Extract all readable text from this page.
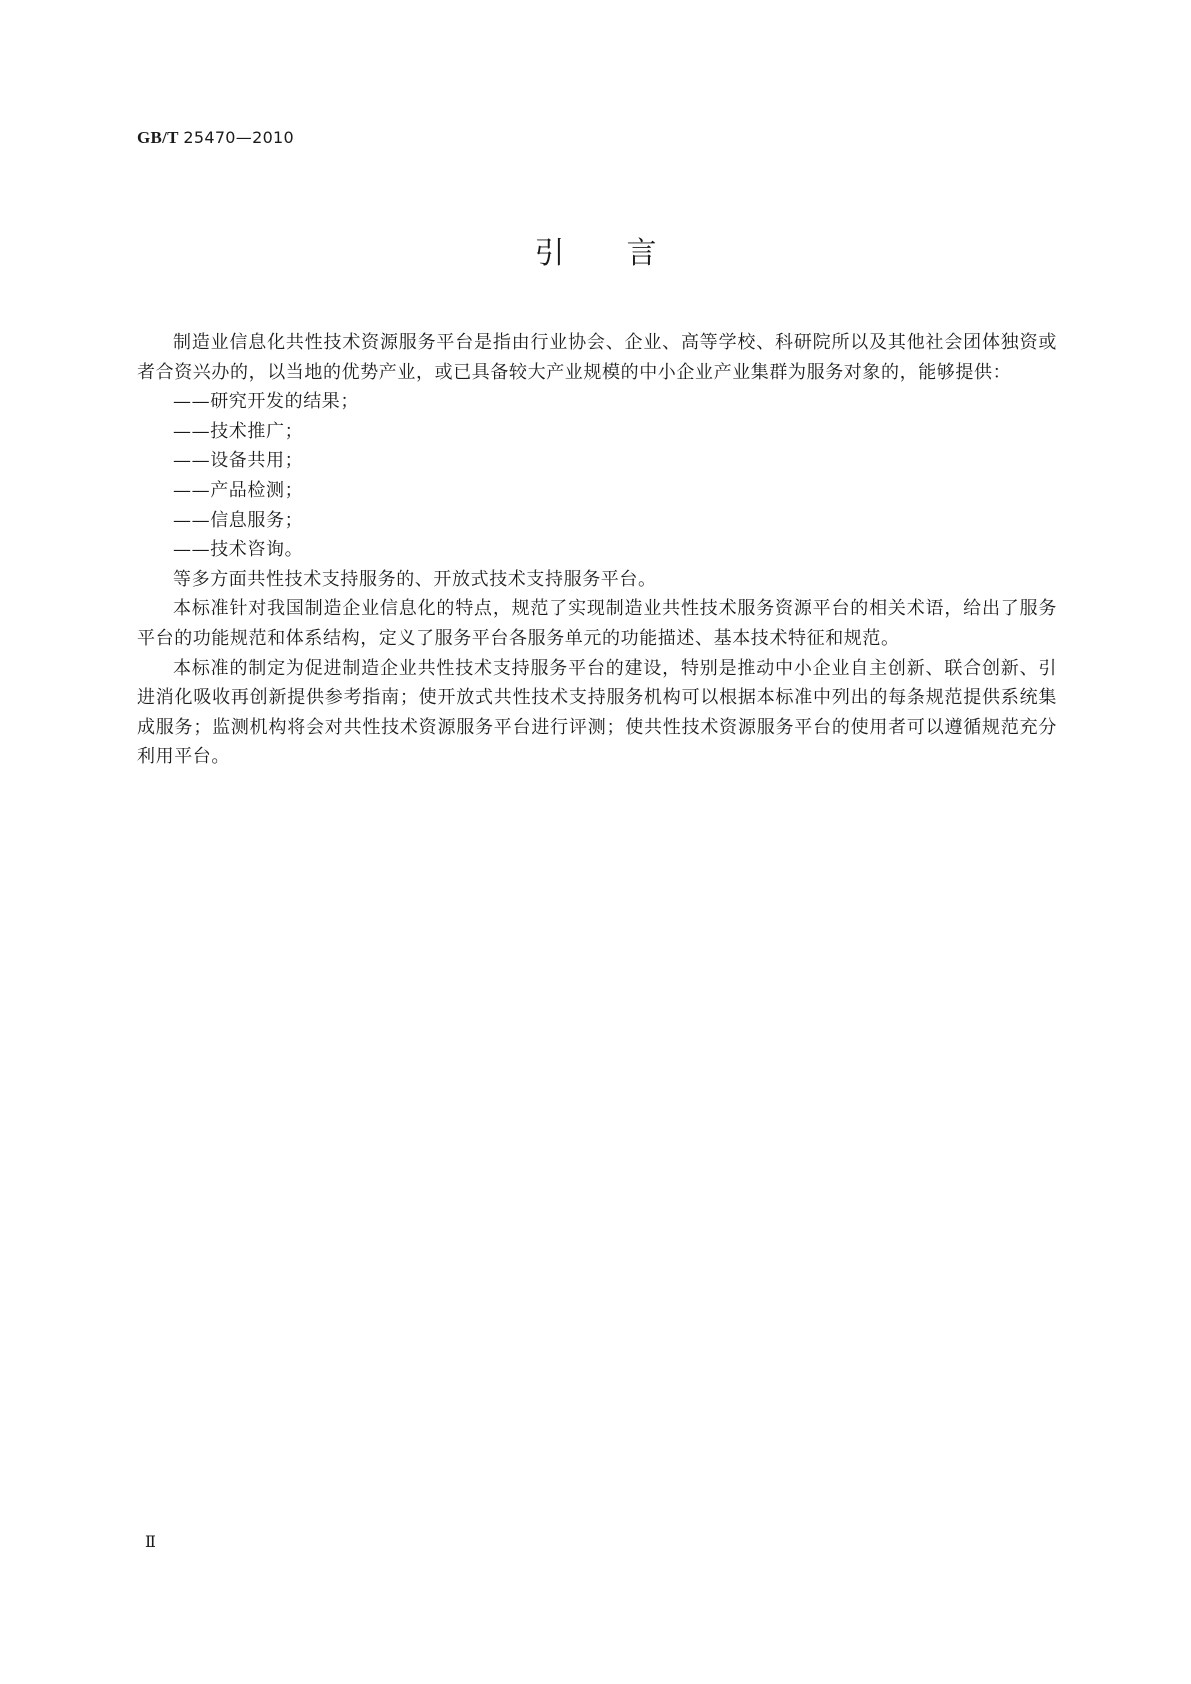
GB/T 25470—2010
引言

制造业信息化共性技术资源服务平台是指由行业协会、企业、高等学校、科研院所以及其他社会团体独资或者合资兴办的，以当地的优势产业，或已具备较大产业规模的中小企业产业集群为服务对象的，能够提供：

——研究开发的结果；

——技术推广；

——设备共用；

——产品检测；

——信息服务；

——技术咨询。

等多方面共性技术支持服务的、开放式技术支持服务平台。

本标准针对我国制造企业信息化的特点，规范了实现制造业共性技术服务资源平台的相关术语，给出了服务平台的功能规范和体系结构，定义了服务平台各服务单元的功能描述、基本技术特征和规范。

本标准的制定为促进制造企业共性技术支持服务平台的建设，特别是推动中小企业自主创新、联合创新、引进消化吸收再创新提供参考指南；使开放式共性技术支持服务机构可以根据本标准中列出的每条规范提供系统集成服务；监测机构将会对共性技术资源服务平台进行评测；使共性技术资源服务平台的使用者可以遵循规范充分利用平台。

Ⅱ
